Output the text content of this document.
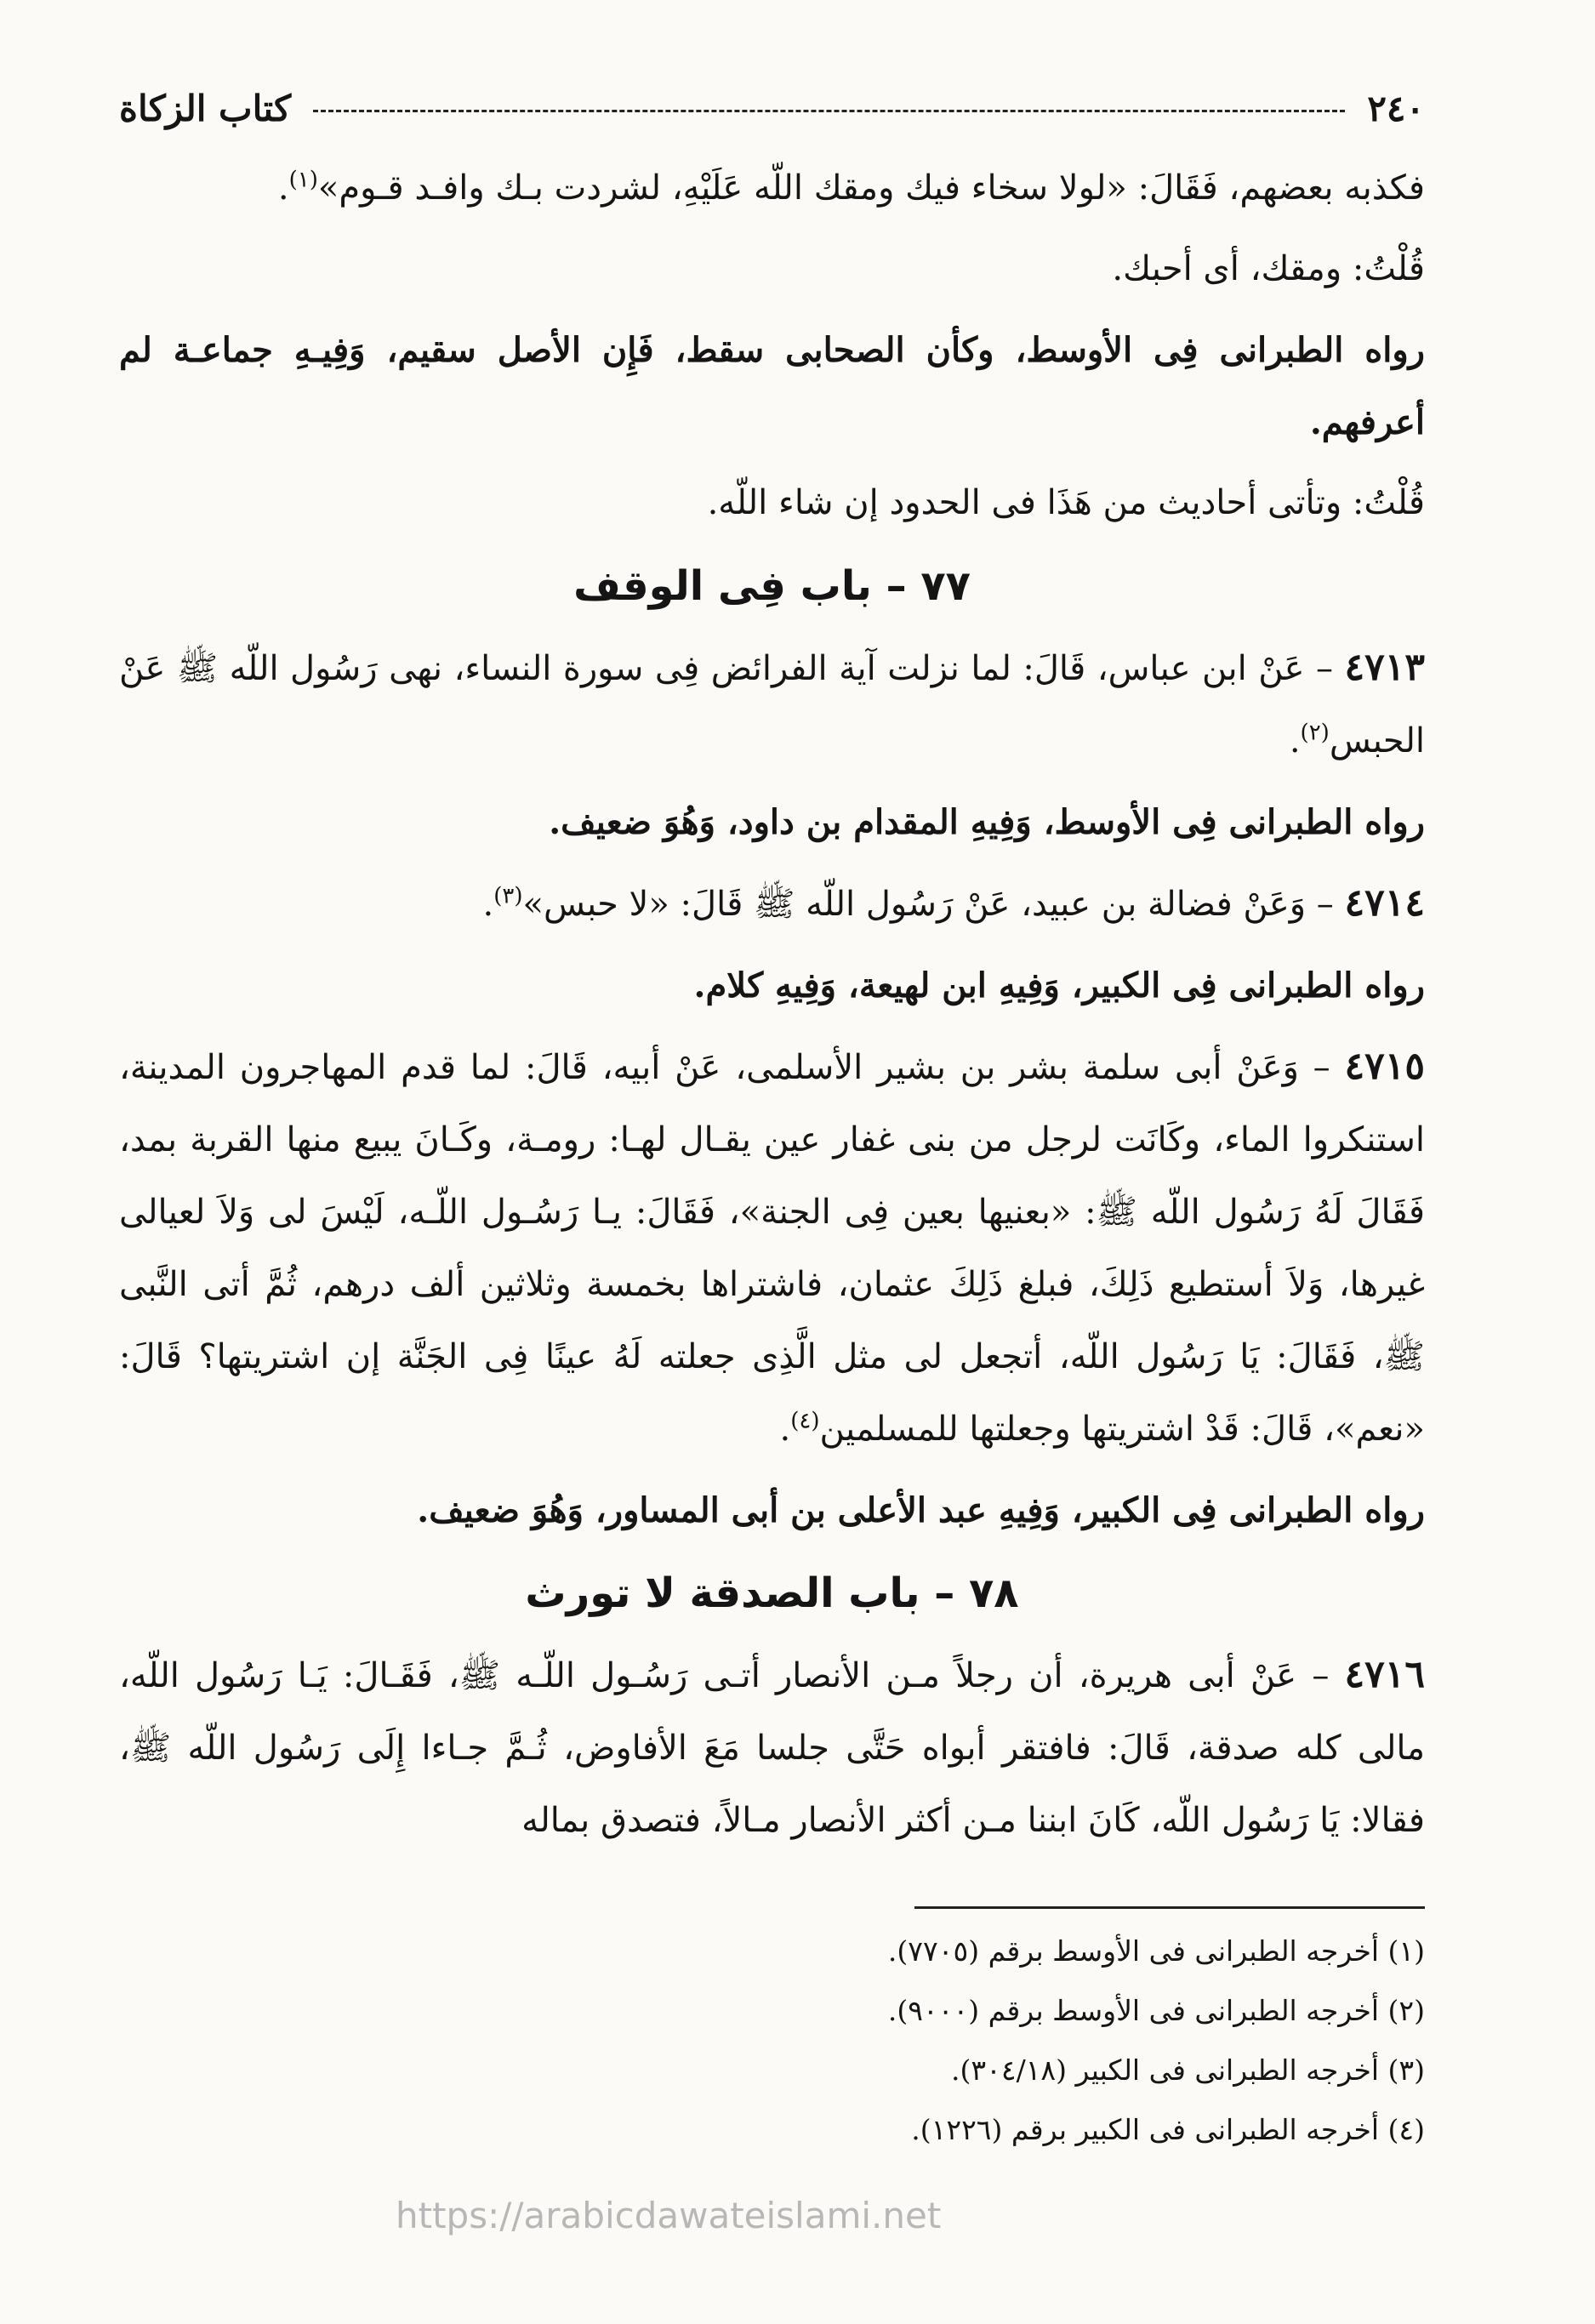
٢٤٠
كتاب الزكاة

فكذبه بعضهم، فَقَالَ: «لولا سخاء فيك ومقك اللّه عَلَيْهِ، لشردت بـك وافـد قـوم»$^{(١)}$.

قُلْتُ: ومقك، أى أحبك.

رواه الطبرانى فِى الأوسط، وكأن الصحابى سقط، فَإِن الأصل سقيم، وَفِيـهِ جماعـة لم أعرفهم.

قُلْتُ: وتأتى أحاديث من هَذَا فى الحدود إن شاء اللّه.

٧٧ – باب فِى الوقف

٤٧١٣ – عَنْ ابن عباس، قَالَ: لما نزلت آية الفرائض فِى سورة النساء، نهى رَسُول اللّه ﷺ عَنْ الحبس$^{(٢)}$.

رواه الطبرانى فِى الأوسط، وَفِيهِ المقدام بن داود، وَهُوَ ضعيف.

٤٧١٤ – وَعَنْ فضالة بن عبيد، عَنْ رَسُول اللّه ﷺ قَالَ: «لا حبس»$^{(٣)}$.

رواه الطبرانى فِى الكبير، وَفِيهِ ابن لهيعة، وَفِيهِ كلام.

٤٧١٥ – وَعَنْ أبى سلمة بشر بن بشير الأسلمى، عَنْ أبيه، قَالَ: لما قدم المهاجرون المدينة، استنكروا الماء، وكَانَت لرجل من بنى غفار عين يقـال لهـا: رومـة، وكَـانَ يبيع منها القربة بمد، فَقَالَ لَهُ رَسُول اللّه ﷺ: «بعنيها بعين فِى الجنة»، فَقَالَ: يـا رَسُـول اللّـه، لَيْسَ لى وَلاَ لعيالى غيرها، وَلاَ أستطيع ذَلِكَ، فبلغ ذَلِكَ عثمان، فاشتراها بخمسة وثلاثين ألف درهم، ثُمَّ أتى النَّبى ﷺ، فَقَالَ: يَا رَسُول اللّه، أتجعل لى مثل الَّذِى جعلته لَهُ عينًا فِى الجَنَّة إن اشتريتها؟ قَالَ: «نعم»، قَالَ: قَدْ اشتريتها وجعلتها للمسلمين$^{(٤)}$.

رواه الطبرانى فِى الكبير، وَفِيهِ عبد الأعلى بن أبى المساور، وَهُوَ ضعيف.

٧٨ – باب الصدقة لا تورث

٤٧١٦ – عَنْ أبى هريرة، أن رجلاً مـن الأنصار أتـى رَسُـول اللّـه ﷺ، فَقَـالَ: يَـا رَسُول اللّه، مالى كله صدقة، قَالَ: فافتقر أبواه حَتَّى جلسا مَعَ الأفاوض، ثُـمَّ جـاءا إِلَى رَسُول اللّه ﷺ، فقالا: يَا رَسُول اللّه، كَانَ ابننا مـن أكثر الأنصار مـالاً، فتصدق بماله

(١) أخرجه الطبرانى فى الأوسط برقم (٧٧٠٥).
(٢) أخرجه الطبرانى فى الأوسط برقم (٩٠٠٠).
(٣) أخرجه الطبرانى فى الكبير (٣٠٤/١٨).
(٤) أخرجه الطبرانى فى الكبير برقم (١٢٢٦).
https://arabicdawateislami.net
